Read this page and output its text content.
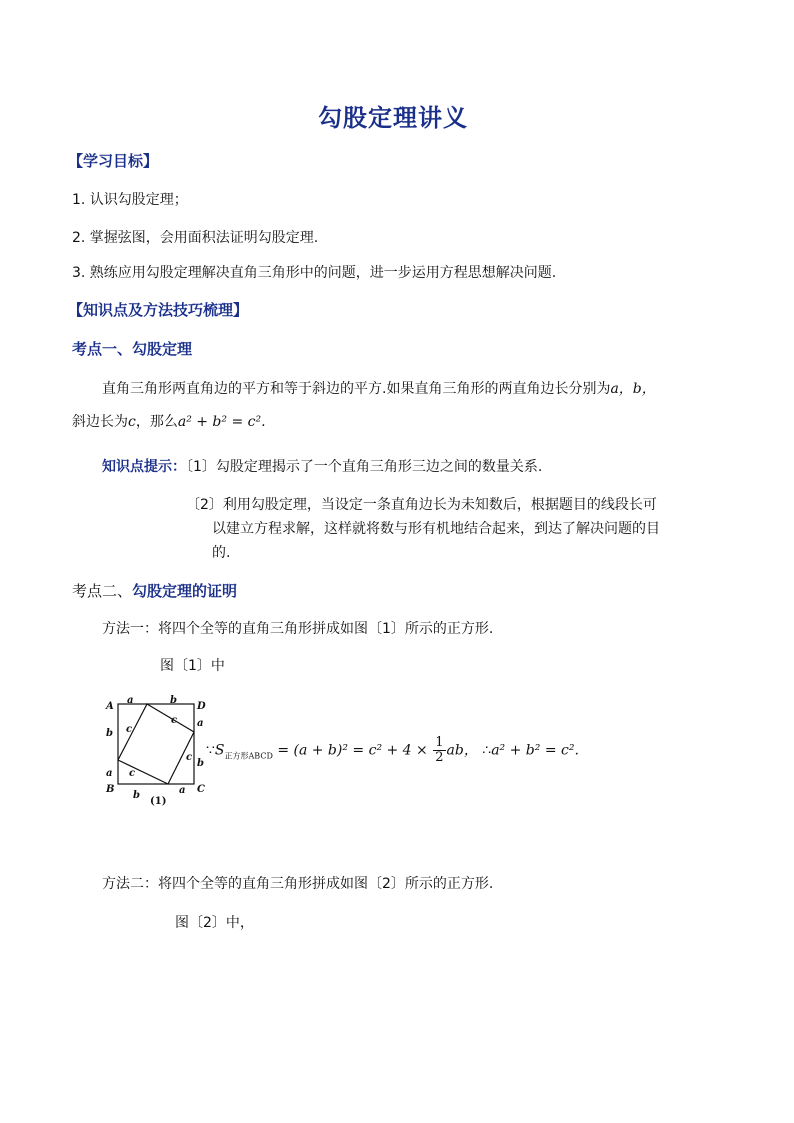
勾股定理讲义
【学习目标】
1. 认识勾股定理；
2. 掌握弦图，会用面积法证明勾股定理.
3. 熟练应用勾股定理解决直角三角形中的问题，进一步运用方程思想解决问题.
【知识点及方法技巧梳理】
考点一、勾股定理
直角三角形两直角边的平方和等于斜边的平方.如果直角三角形的两直角边长分别为a，b，
斜边长为c，那么a² + b² = c².
知识点提示：〔1〕勾股定理揭示了一个直角三角形三边之间的数量关系.
〔2〕利用勾股定理，当设定一条直角边长为未知数后，根据题目的线段长可
以建立方程求解，这样就将数与形有机地结合起来，到达了解决问题的目
的.
考点二、勾股定理的证明
方法一：将四个全等的直角三角形拼成如图〔1〕所示的正方形.
图〔1〕中
A	D
B	C
a	b
c
c
a
b
c
c
b
a
b	a
(1)
$\because S_{正方形ABCD} = (a + b)^2 = c^2 + 4 \times \frac{1}{2}$ ab， ∴a² + b² = c².
方法二：将四个全等的直角三角形拼成如图〔2〕所示的正方形.
图〔2〕中，
